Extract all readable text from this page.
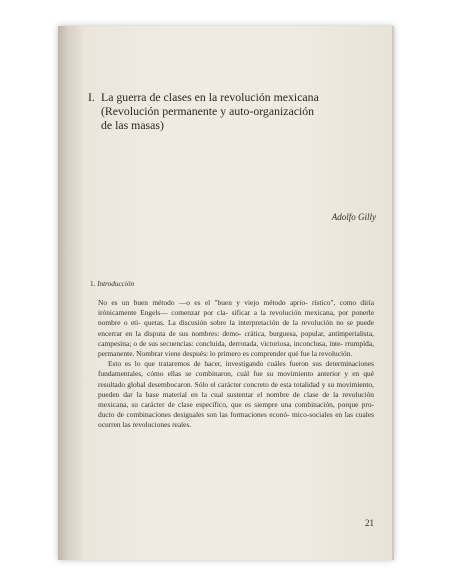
I. La guerra de clases en la revolución mexicana
(Revolución permanente y auto-organización
de las masas)
Adolfo Gilly
1. Introducción

No es un buen método —o es el "buen y viejo método aprio- rístico", como diría irónicamente Engels— comenzar por cla- sificar a la revolución mexicana, por ponerle nombre o eti- quetas. La discusión sobre la interpretación de la revolución no se puede encerrar en la disputa de sus nombres: demo- crática, burguesa, popular, antimperialista, campesina; o de sus secuencias: concluida, derrotada, victoriosa, inconclusa, inte- rrumpida, permanente. Nombrar viene después: lo primero es comprender qué fue la revolución.

Esto es lo que trataremos de hacer, investigando cuáles fueron sus determinaciones fundamentales, cómo ellas se combinaron, cuál fue su movimiento anterior y en qué resultado global desembocaron. Sólo el carácter concreto de esta totalidad y su movimiento, pueden dar la base material en la cual sustentar el nombre de clase de la revolución mexicana, su carácter de clase específico, que es siempre una combinación, porque pro- ducto de combinaciones desiguales son las formaciones econó- mico-sociales en las cuales ocurren las revoluciones reales.

21
